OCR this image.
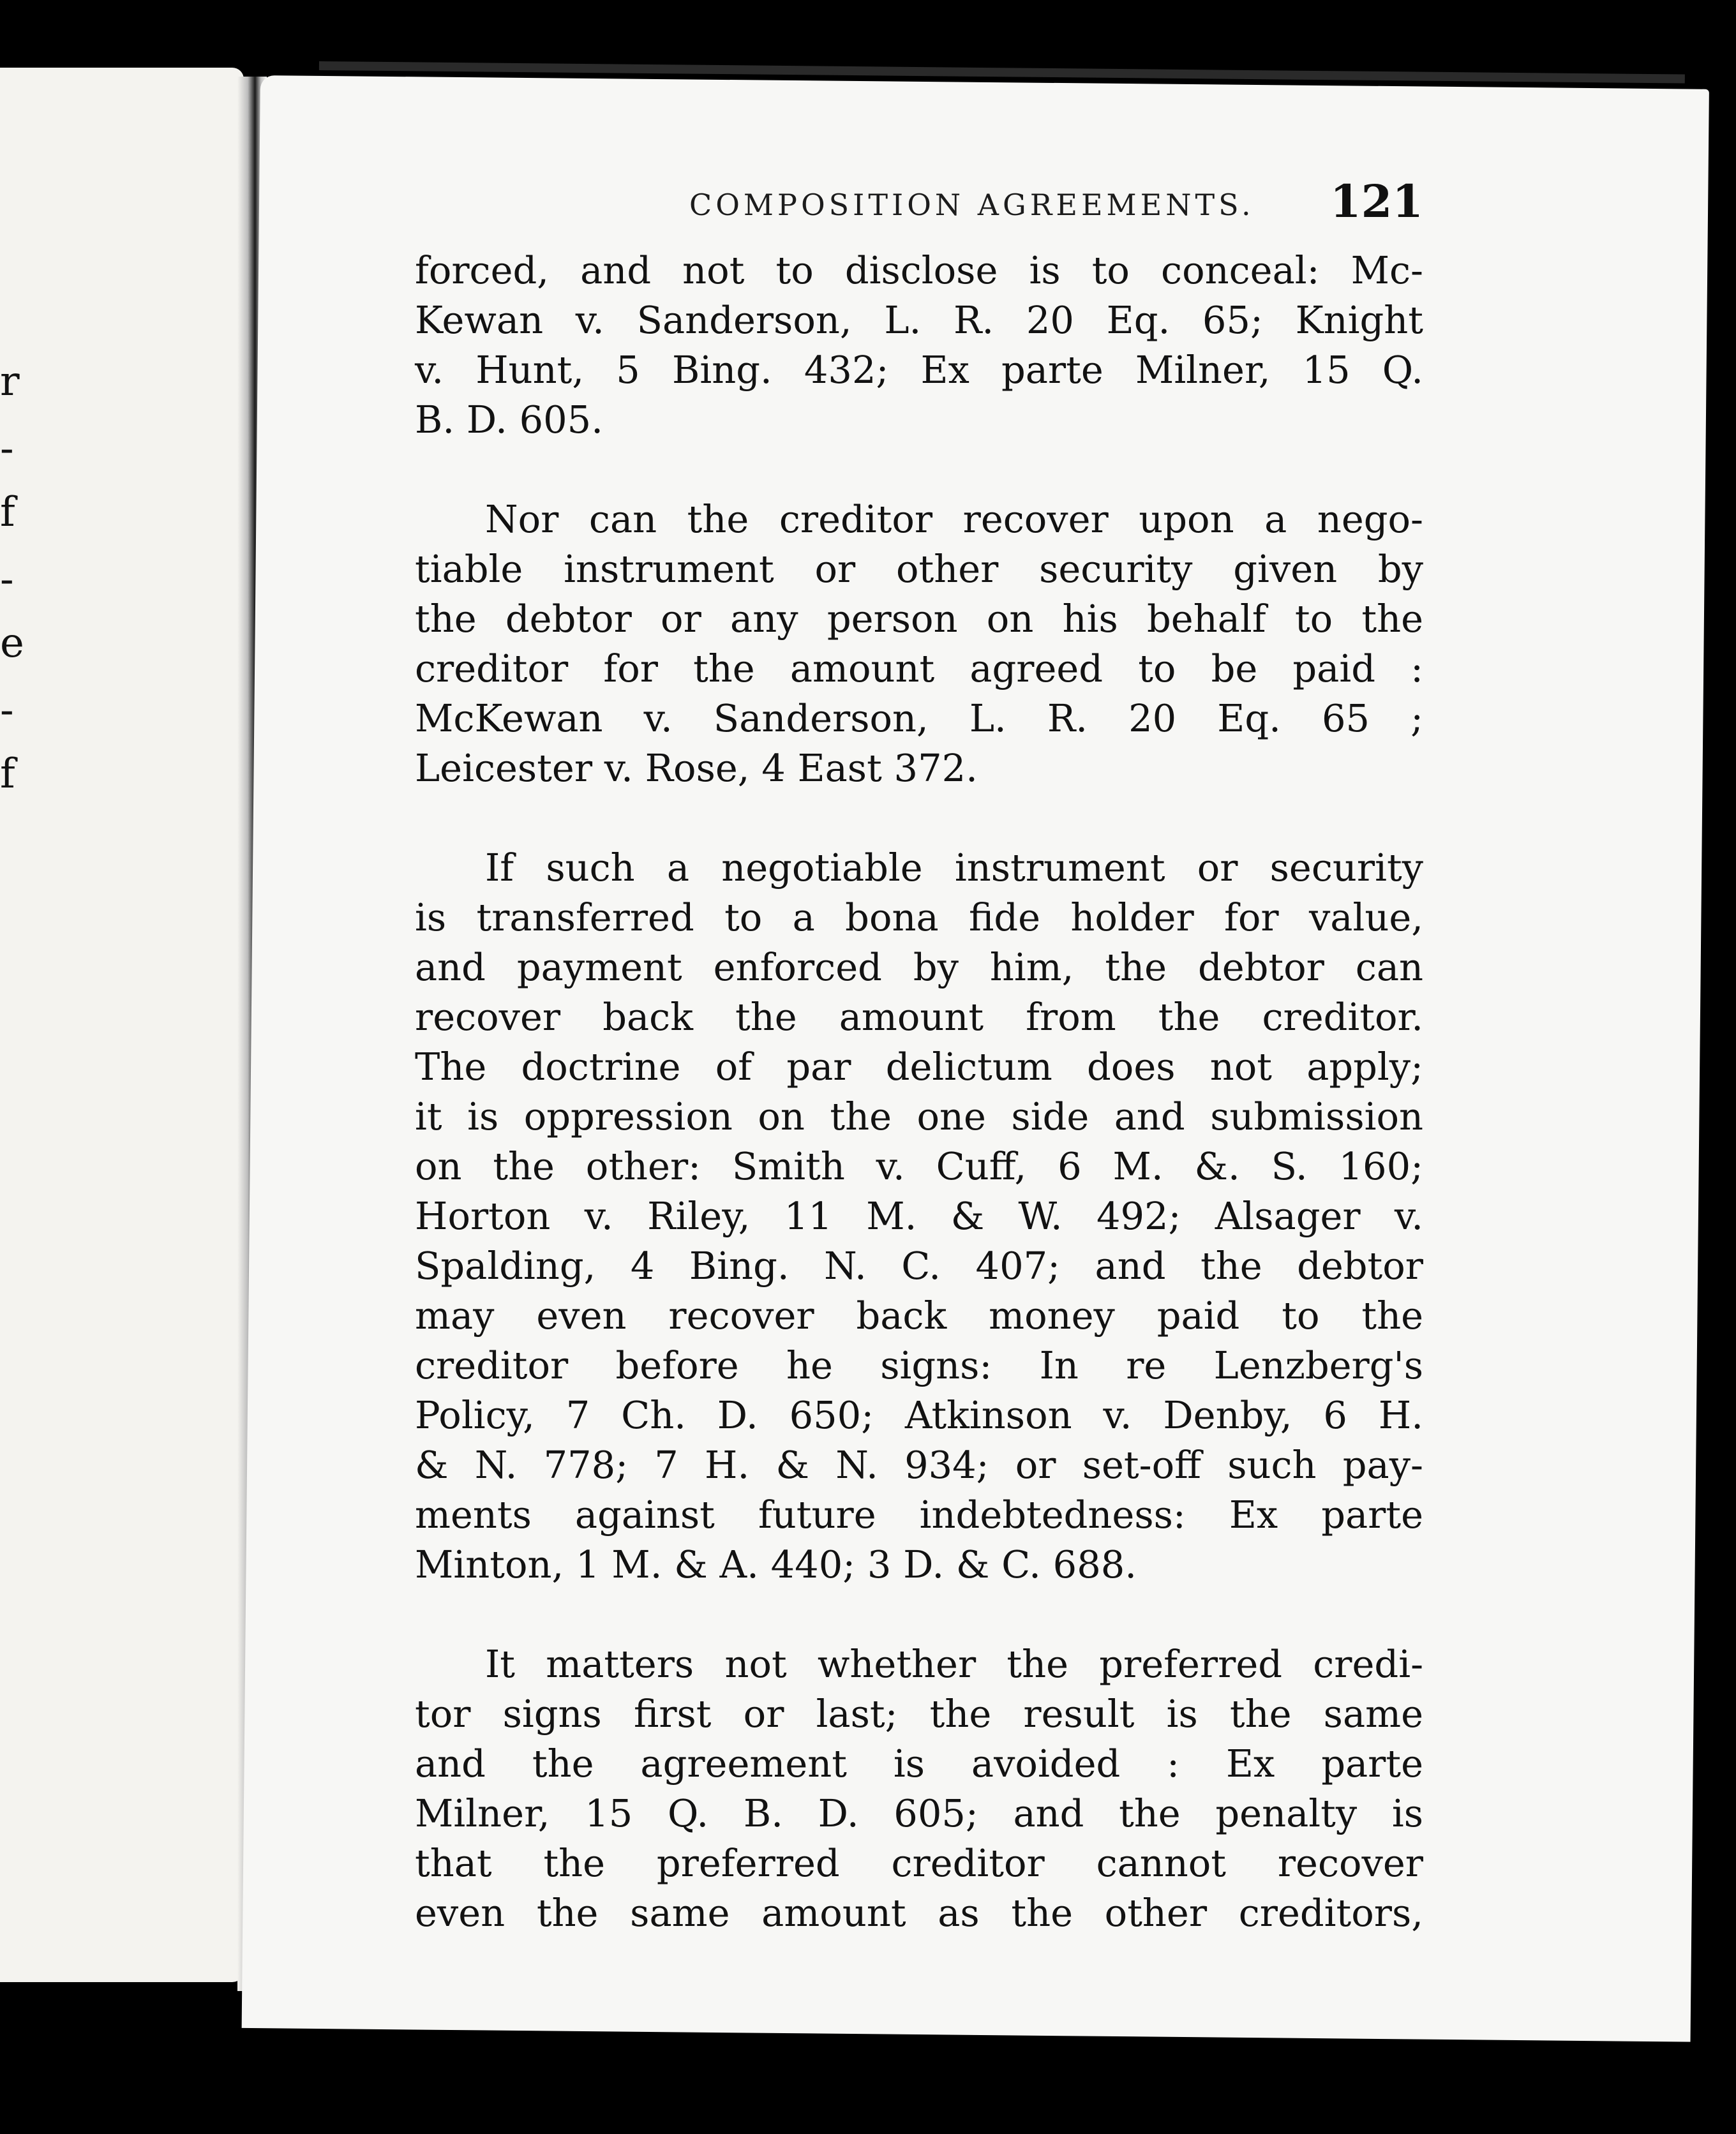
r
-
f
-
e
-
f
COMPOSITION AGREEMENTS. 121
forced, and not to disclose is to conceal: Mc-
Kewan v. Sanderson, L. R. 20 Eq. 65; Knight
v. Hunt, 5 Bing. 432; Ex parte Milner, 15 Q.
B. D. 605.
Nor can the creditor recover upon a nego-
tiable instrument or other security given by
the debtor or any person on his behalf to the
creditor for the amount agreed to be paid :
McKewan v. Sanderson, L. R. 20 Eq. 65 ;
Leicester v. Rose, 4 East 372.
If such a negotiable instrument or security
is transferred to a bona fide holder for value,
and payment enforced by him, the debtor can
recover back the amount from the creditor.
The doctrine of par delictum does not apply;
it is oppression on the one side and submission
on the other: Smith v. Cuff, 6 M. &. S. 160;
Horton v. Riley, 11 M. & W. 492; Alsager v.
Spalding, 4 Bing. N. C. 407; and the debtor
may even recover back money paid to the
creditor before he signs: In re Lenzberg's
Policy, 7 Ch. D. 650; Atkinson v. Denby, 6 H.
& N. 778; 7 H. & N. 934; or set-off such pay-
ments against future indebtedness: Ex parte
Minton, 1 M. & A. 440; 3 D. & C. 688.
It matters not whether the preferred credi-
tor signs first or last; the result is the same
and the agreement is avoided : Ex parte
Milner, 15 Q. B. D. 605; and the penalty is
that the preferred creditor cannot recover
even the same amount as the other creditors,
